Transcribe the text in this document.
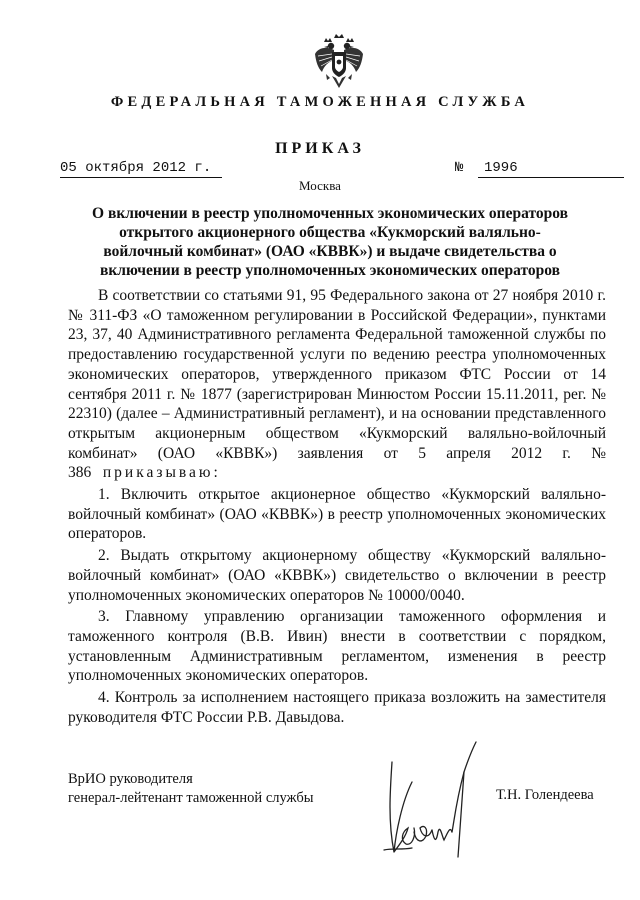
ФЕДЕРАЛЬНАЯ ТАМОЖЕННАЯ СЛУЖБА
ПРИКАЗ
05 октября 2012 г.	№	1996
Москва
О включении в реестр уполномоченных экономических операторов открытого акционерного общества «Кукморский валяльно-войлочный комбинат» (ОАО «КВВК») и выдаче свидетельства о включении в реестр уполномоченных экономических операторов

В соответствии со статьями 91, 95 Федерального закона от 27 ноября 2010 г. № 311-ФЗ «О таможенном регулировании в Российской Федерации», пунктами 23, 37, 40 Административного регламента Федеральной таможенной службы по предоставлению государственной услуги по ведению реестра уполномоченных экономических операторов, утвержденного приказом ФТС России от 14 сентября 2011 г. № 1877 (зарегистрирован Минюстом России 15.11.2011, рег. № 22310) (далее – Административный регламент), и на основании представленного открытым акционерным обществом «Кукморский валяльно-войлочный комбинат» (ОАО «КВВК») заявления от 5 апреля 2012 г. № 386 приказываю:

1. Включить открытое акционерное общество «Кукморский валяльно-войлочный комбинат» (ОАО «КВВК») в реестр уполномоченных экономических операторов.

2. Выдать открытому акционерному обществу «Кукморский валяльно-войлочный комбинат» (ОАО «КВВК») свидетельство о включении в реестр уполномоченных экономических операторов № 10000/0040.

3. Главному управлению организации таможенного оформления и таможенного контроля (В.В. Ивин) внести в соответствии с порядком, установленным Административным регламентом, изменения в реестр уполномоченных экономических операторов.

4. Контроль за исполнением настоящего приказа возложить на заместителя руководителя ФТС России Р.В. Давыдова.

ВрИО руководителя
генерал-лейтенант таможенной службы	Т.Н. Голендеева
